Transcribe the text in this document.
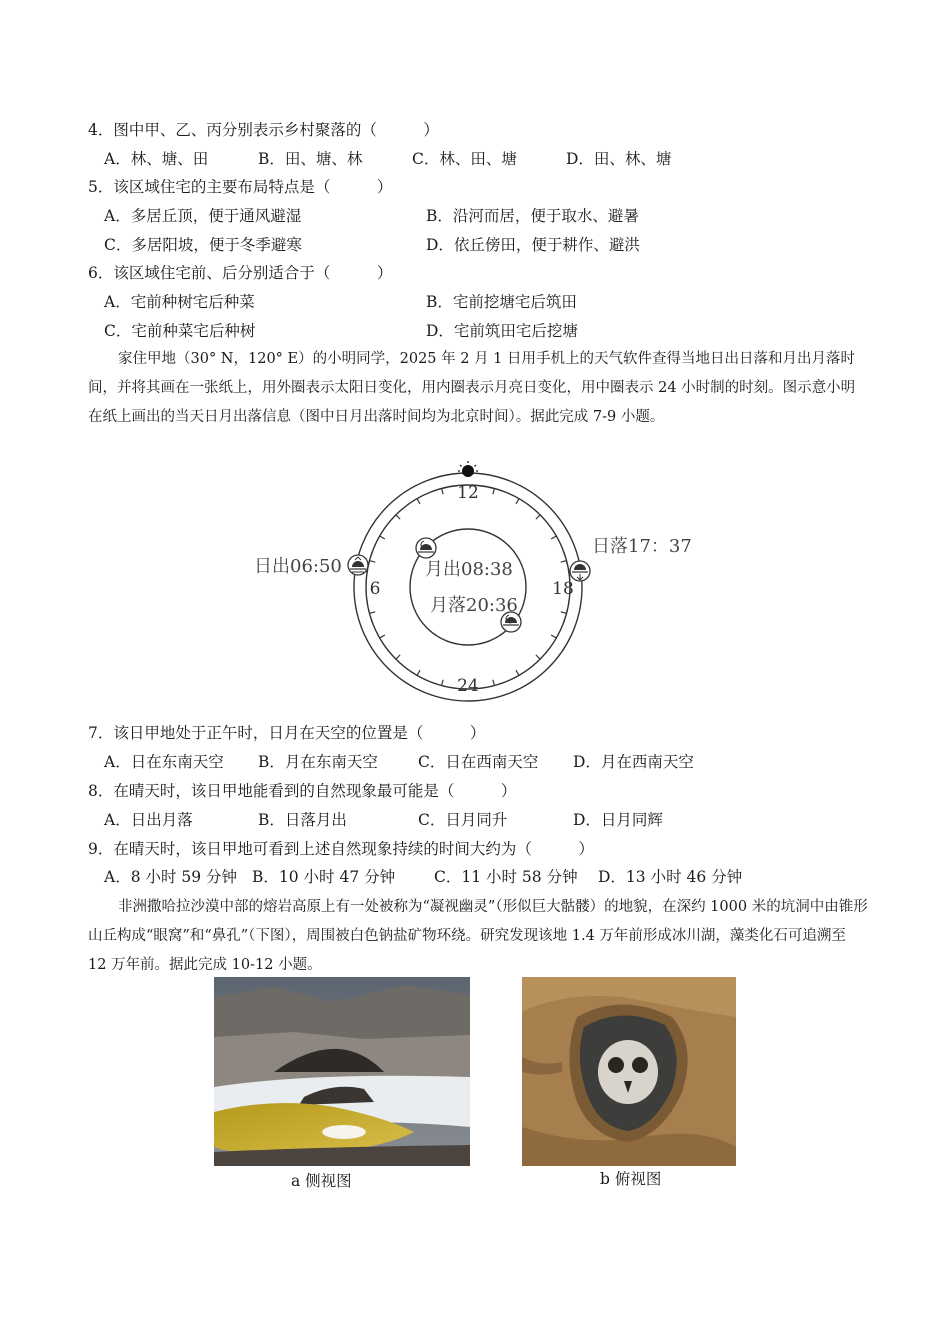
4．图中甲、乙、丙分别表示乡村聚落的（　　　）
A．林、塘、田	B．田、塘、林	C．林、田、塘	D．田、林、塘
5．该区域住宅的主要布局特点是（　　　）
A．多居丘顶，便于通风避湿	B．沿河而居，便于取水、避暑
C．多居阳坡，便于冬季避寒	D．依丘傍田，便于耕作、避洪
6．该区域住宅前、后分别适合于（　　　）
A．宅前种树宅后种菜	B．宅前挖塘宅后筑田
C．宅前种菜宅后种树	D．宅前筑田宅后挖塘
家住甲地（30° N，120° E）的小明同学，2025 年 2 月 1 日用手机上的天气软件查得当地日出日落和月出月落时间，并将其画在一张纸上，用外圈表示太阳日变化，用内圈表示月亮日变化，用中圈表示 24 小时制的时刻。图示意小明在纸上画出的当天日月出落信息（图中日月出落时间均为北京时间）。据此完成 7-9 小题。
12
6	18
24
日出06:50
日落17：37
月出08:38
月落20:36
7．该日甲地处于正午时，日月在天空的位置是（　　　）
A．日在东南天空 B．月在东南天空	C．日在西南天空 D．月在西南天空
8．在晴天时，该日甲地能看到的自然现象最可能是（　　　）
A．日出月落	B．日落月出	C．日月同升	D．日月同辉
9．在晴天时，该日甲地可看到上述自然现象持续的时间大约为（　　　）
A．8 小时 59 分钟 B．10 小时 47 分钟	C．11 小时 58 分钟 D．13 小时 46 分钟
非洲撒哈拉沙漠中部的熔岩高原上有一处被称为“凝视幽灵”（形似巨大骷髅）的地貌，在深约 1000 米的坑洞中由锥形山丘构成“眼窝”和“鼻孔”（下图），周围被白色钠盐矿物环绕。研究发现该地 1.4 万年前形成冰川湖，藻类化石可追溯至 12 万年前。据此完成 10-12 小题。
a 侧视图	b 俯视图
